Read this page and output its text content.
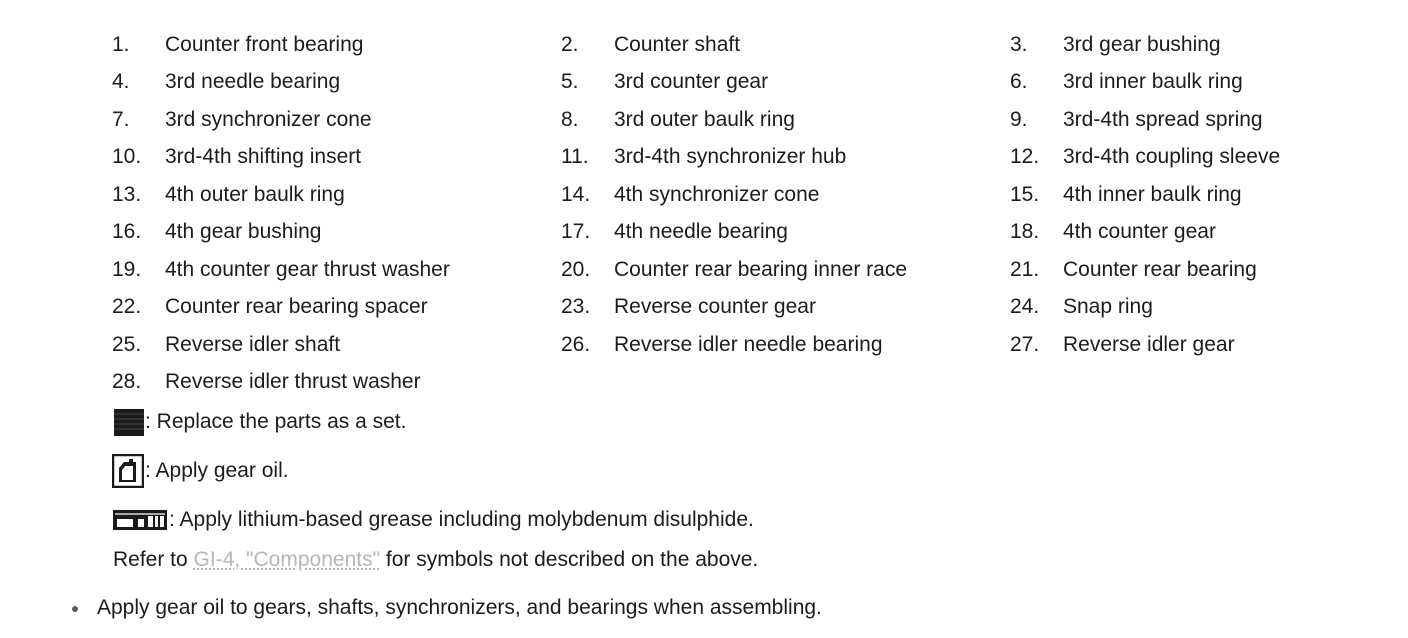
1.	Counter front bearing	2.	Counter shaft	3.	3rd gear bushing
4.	3rd needle bearing	5.	3rd counter gear	6.	3rd inner baulk ring
7.	3rd synchronizer cone	8.	3rd outer baulk ring	9.	3rd-4th spread spring
10.	3rd-4th shifting insert	11.	3rd-4th synchronizer hub	12.	3rd-4th coupling sleeve
13.	4th outer baulk ring	14.	4th synchronizer cone	15.	4th inner baulk ring
16.	4th gear bushing	17.	4th needle bearing	18.	4th counter gear
19.	4th counter gear thrust washer	20.	Counter rear bearing inner race	21.	Counter rear bearing
22.	Counter rear bearing spacer	23.	Reverse counter gear	24.	Snap ring
25.	Reverse idler shaft	26.	Reverse idler needle bearing	27.	Reverse idler gear
28.	Reverse idler thrust washer
: Replace the parts as a set.
: Apply gear oil.
: Apply lithium-based grease including molybdenum disulphide.
Refer to GI-4, "Components" for symbols not described on the above.
Apply gear oil to gears, shafts, synchronizers, and bearings when assembling.
